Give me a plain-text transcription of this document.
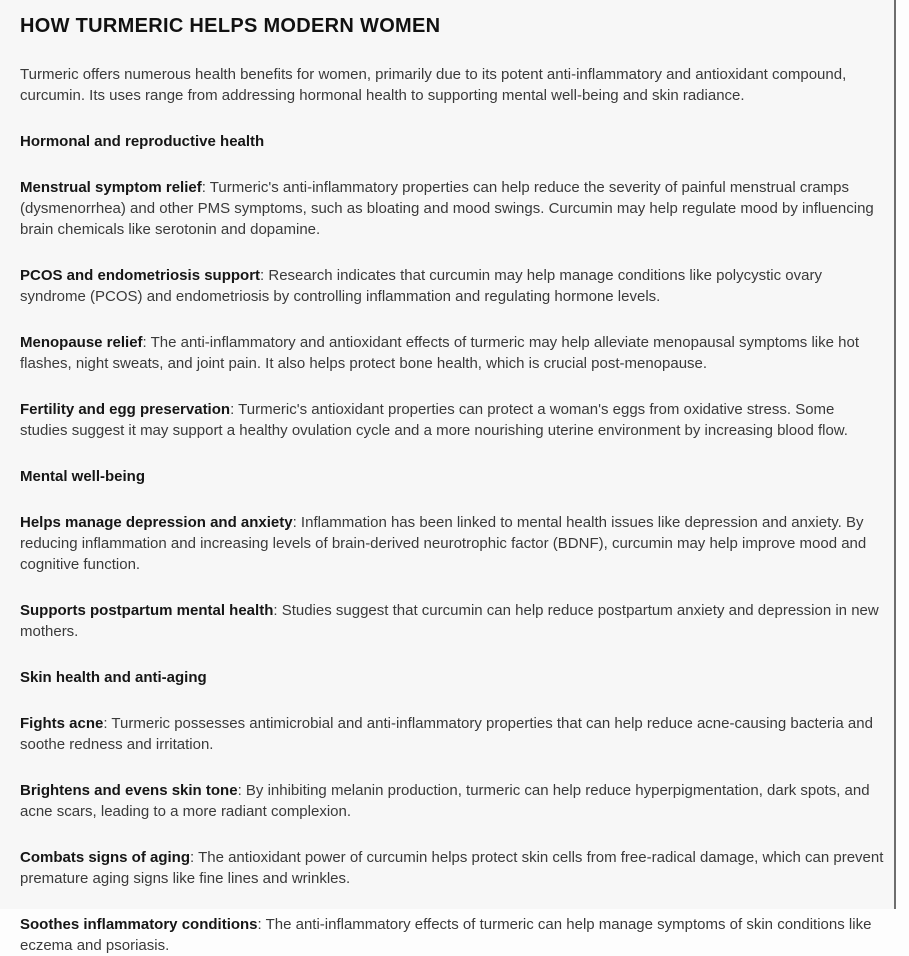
HOW TURMERIC HELPS MODERN WOMEN

Turmeric offers numerous health benefits for women, primarily due to its potent anti-inflammatory and antioxidant compound, curcumin. Its uses range from addressing hormonal health to supporting mental well-being and skin radiance.

Hormonal and reproductive health

Menstrual symptom relief: Turmeric's anti-inflammatory properties can help reduce the severity of painful menstrual cramps (dysmenorrhea) and other PMS symptoms, such as bloating and mood swings. Curcumin may help regulate mood by influencing brain chemicals like serotonin and dopamine.

PCOS and endometriosis support: Research indicates that curcumin may help manage conditions like polycystic ovary syndrome (PCOS) and endometriosis by controlling inflammation and regulating hormone levels.

Menopause relief: The anti-inflammatory and antioxidant effects of turmeric may help alleviate menopausal symptoms like hot flashes, night sweats, and joint pain. It also helps protect bone health, which is crucial post-menopause.

Fertility and egg preservation: Turmeric's antioxidant properties can protect a woman's eggs from oxidative stress. Some studies suggest it may support a healthy ovulation cycle and a more nourishing uterine environment by increasing blood flow.

Mental well-being

Helps manage depression and anxiety: Inflammation has been linked to mental health issues like depression and anxiety. By reducing inflammation and increasing levels of brain-derived neurotrophic factor (BDNF), curcumin may help improve mood and cognitive function.

Supports postpartum mental health: Studies suggest that curcumin can help reduce postpartum anxiety and depression in new mothers.

Skin health and anti-aging

Fights acne: Turmeric possesses antimicrobial and anti-inflammatory properties that can help reduce acne-causing bacteria and soothe redness and irritation.

Brightens and evens skin tone: By inhibiting melanin production, turmeric can help reduce hyperpigmentation, dark spots, and acne scars, leading to a more radiant complexion.

Combats signs of aging: The antioxidant power of curcumin helps protect skin cells from free-radical damage, which can prevent premature aging signs like fine lines and wrinkles.

Soothes inflammatory conditions: The anti-inflammatory effects of turmeric can help manage symptoms of skin conditions like eczema and psoriasis.
